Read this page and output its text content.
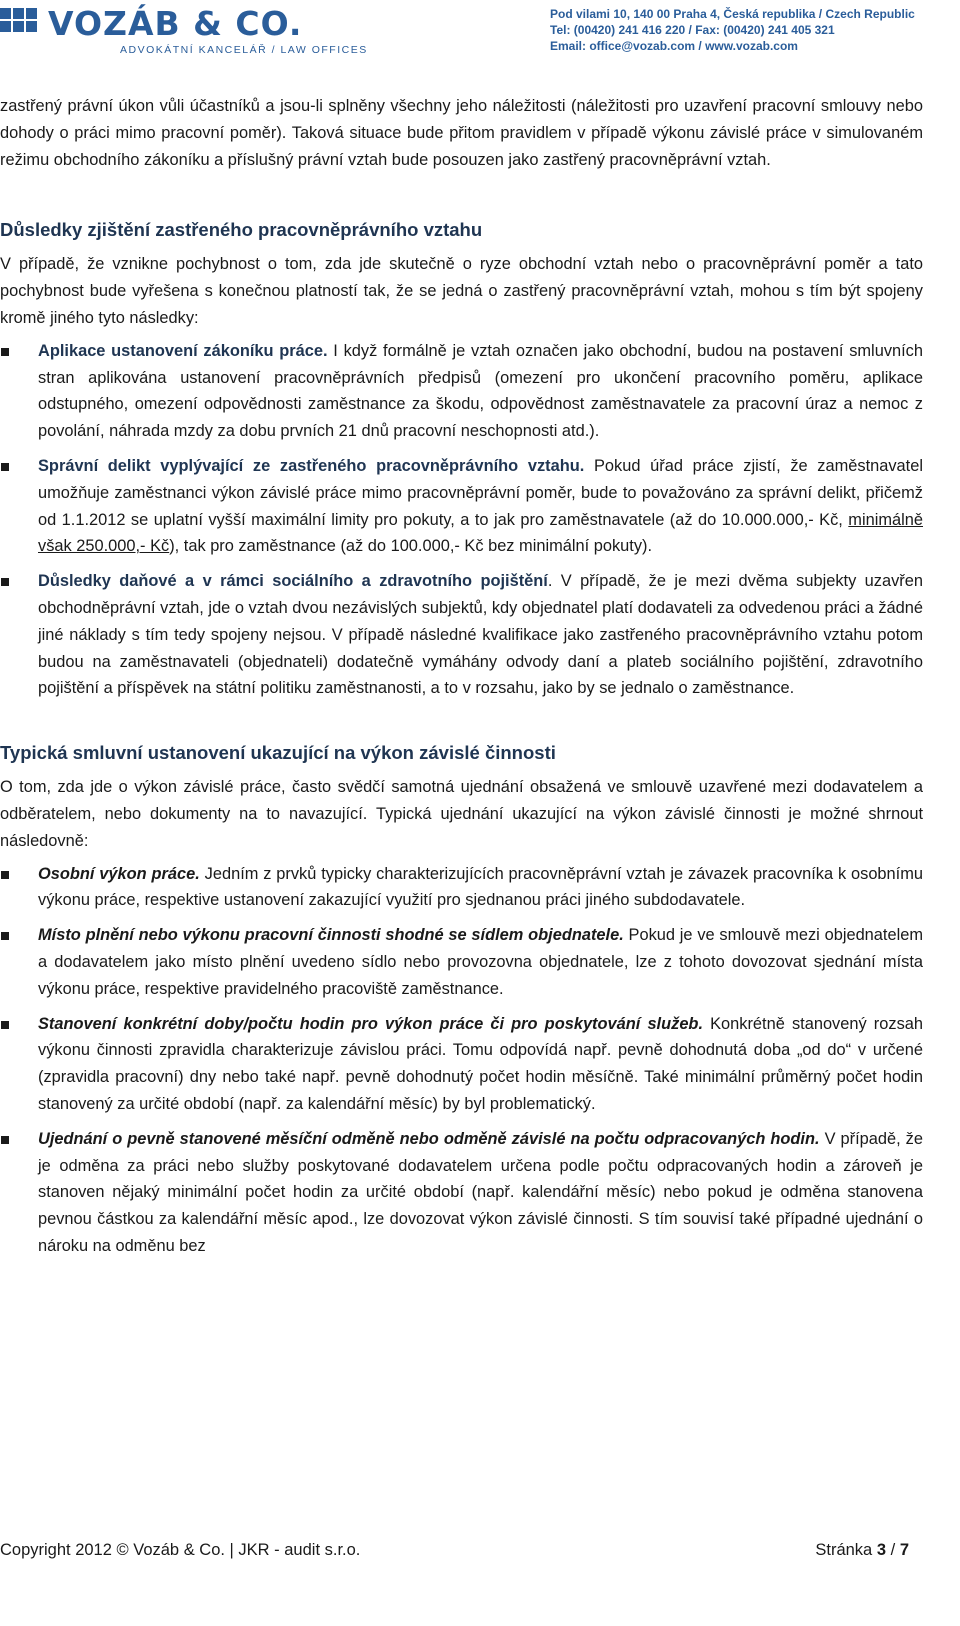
VOZÁB & CO.
ADVOKÁTNÍ KANCELÁŘ / LAW OFFICES
Pod vilami 10, 140 00 Praha 4, Česká republika / Czech Republic
Tel: (00420) 241 416 220 / Fax: (00420) 241 405 321
Email: office@vozab.com / www.vozab.com

zastřený právní úkon vůli účastníků a jsou-li splněny všechny jeho náležitosti (náležitosti pro uzavření pracovní smlouvy nebo dohody o práci mimo pracovní poměr). Taková situace bude přitom pravidlem v případě výkonu závislé práce v simulovaném režimu obchodního zákoníku a příslušný právní vztah bude posouzen jako zastřený pracovněprávní vztah.

Důsledky zjištění zastřeného pracovněprávního vztahu

V případě, že vznikne pochybnost o tom, zda jde skutečně o ryze obchodní vztah nebo o pracovněprávní poměr a tato pochybnost bude vyřešena s konečnou platností tak, že se jedná o zastřený pracovněprávní vztah, mohou s tím být spojeny kromě jiného tyto následky:

Aplikace ustanovení zákoníku práce. I když formálně je vztah označen jako obchodní, budou na postavení smluvních stran aplikována ustanovení pracovněprávních předpisů (omezení pro ukončení pracovního poměru, aplikace odstupného, omezení odpovědnosti zaměstnance za škodu, odpovědnost zaměstnavatele za pracovní úraz a nemoc z povolání, náhrada mzdy za dobu prvních 21 dnů pracovní neschopnosti atd.).
Správní delikt vyplývající ze zastřeného pracovněprávního vztahu. Pokud úřad práce zjistí, že zaměstnavatel umožňuje zaměstnanci výkon závislé práce mimo pracovněprávní poměr, bude to považováno za správní delikt, přičemž od 1.1.2012 se uplatní vyšší maximální limity pro pokuty, a to jak pro zaměstnavatele (až do 10.000.000,- Kč, minimálně však 250.000,- Kč), tak pro zaměstnance (až do 100.000,- Kč bez minimální pokuty).
Důsledky daňové a v rámci sociálního a zdravotního pojištění. V případě, že je mezi dvěma subjekty uzavřen obchodněprávní vztah, jde o vztah dvou nezávislých subjektů, kdy objednatel platí dodavateli za odvedenou práci a žádné jiné náklady s tím tedy spojeny nejsou. V případě následné kvalifikace jako zastřeného pracovněprávního vztahu potom budou na zaměstnavateli (objednateli) dodatečně vymáhány odvody daní a plateb sociálního pojištění, zdravotního pojištění a příspěvek na státní politiku zaměstnanosti, a to v rozsahu, jako by se jednalo o zaměstnance.
Typická smluvní ustanovení ukazující na výkon závislé činnosti

O tom, zda jde o výkon závislé práce, často svědčí samotná ujednání obsažená ve smlouvě uzavřené mezi dodavatelem a odběratelem, nebo dokumenty na to navazující. Typická ujednání ukazující na výkon závislé činnosti je možné shrnout následovně:

Osobní výkon práce. Jedním z prvků typicky charakterizujících pracovněprávní vztah je závazek pracovníka k osobnímu výkonu práce, respektive ustanovení zakazující využití pro sjednanou práci jiného subdodavatele.
Místo plnění nebo výkonu pracovní činnosti shodné se sídlem objednatele. Pokud je ve smlouvě mezi objednatelem a dodavatelem jako místo plnění uvedeno sídlo nebo provozovna objednatele, lze z tohoto dovozovat sjednání místa výkonu práce, respektive pravidelného pracoviště zaměstnance.
Stanovení konkrétní doby/počtu hodin pro výkon práce či pro poskytování služeb. Konkrétně stanovený rozsah výkonu činnosti zpravidla charakterizuje závislou práci. Tomu odpovídá např. pevně dohodnutá doba „od do“ v určené (zpravidla pracovní) dny nebo také např. pevně dohodnutý počet hodin měsíčně. Také minimální průměrný počet hodin stanovený za určité období (např. za kalendářní měsíc) by byl problematický.
Ujednání o pevně stanovené měsíční odměně nebo odměně závislé na počtu odpracovaných hodin. V případě, že je odměna za práci nebo služby poskytované dodavatelem určena podle počtu odpracovaných hodin a zároveň je stanoven nějaký minimální počet hodin za určité období (např. kalendářní měsíc) nebo pokud je odměna stanovena pevnou částkou za kalendářní měsíc apod., lze dovozovat výkon závislé činnosti. S tím souvisí také případné ujednání o nároku na odměnu bez
Copyright 2012 © Vozáb & Co. | JKR - audit s.r.o.	Stránka 3 / 7
